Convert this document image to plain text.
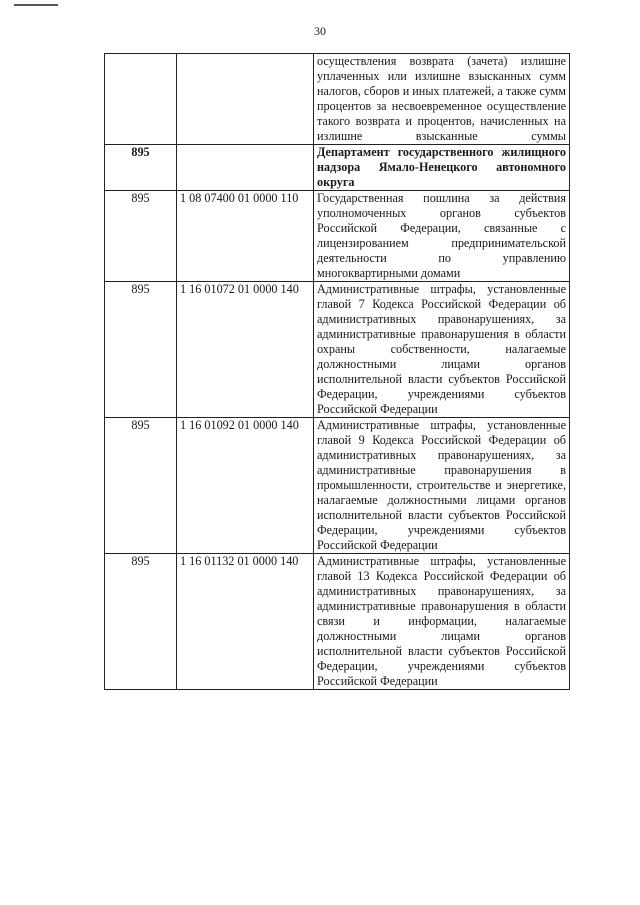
30
		осуществления возврата (зачета) излишне уплаченных или излишне взысканных сумм налогов, сборов и иных платежей, а также сумм процентов за несвоевременное осуществление такого возврата и процентов, начисленных на излишне взысканные суммы
895		Департамент государственного жилищного надзора Ямало-Ненецкого автономного округа
895	1 08 07400 01 0000 110	Государственная пошлина за действия уполномоченных органов субъектов Российской Федерации, связанные с лицензированием предпринимательской деятельности по управлению многоквартирными домами
895	1 16 01072 01 0000 140	Административные штрафы, установленные главой 7 Кодекса Российской Федерации об административных правонарушениях, за административные правонарушения в области охраны собственности, налагаемые должностными лицами органов исполнительной власти субъектов Российской Федерации, учреждениями субъектов Российской Федерации
895	1 16 01092 01 0000 140	Административные штрафы, установленные главой 9 Кодекса Российской Федерации об административных правонарушениях, за административные правонарушения в промышленности, строительстве и энергетике, налагаемые должностными лицами органов исполнительной власти субъектов Российской Федерации, учреждениями субъектов Российской Федерации
895	1 16 01132 01 0000 140	Административные штрафы, установленные главой 13 Кодекса Российской Федерации об административных правонарушениях, за административные правонарушения в области связи и информации, налагаемые должностными лицами органов исполнительной власти субъектов Российской Федерации, учреждениями субъектов Российской Федерации
